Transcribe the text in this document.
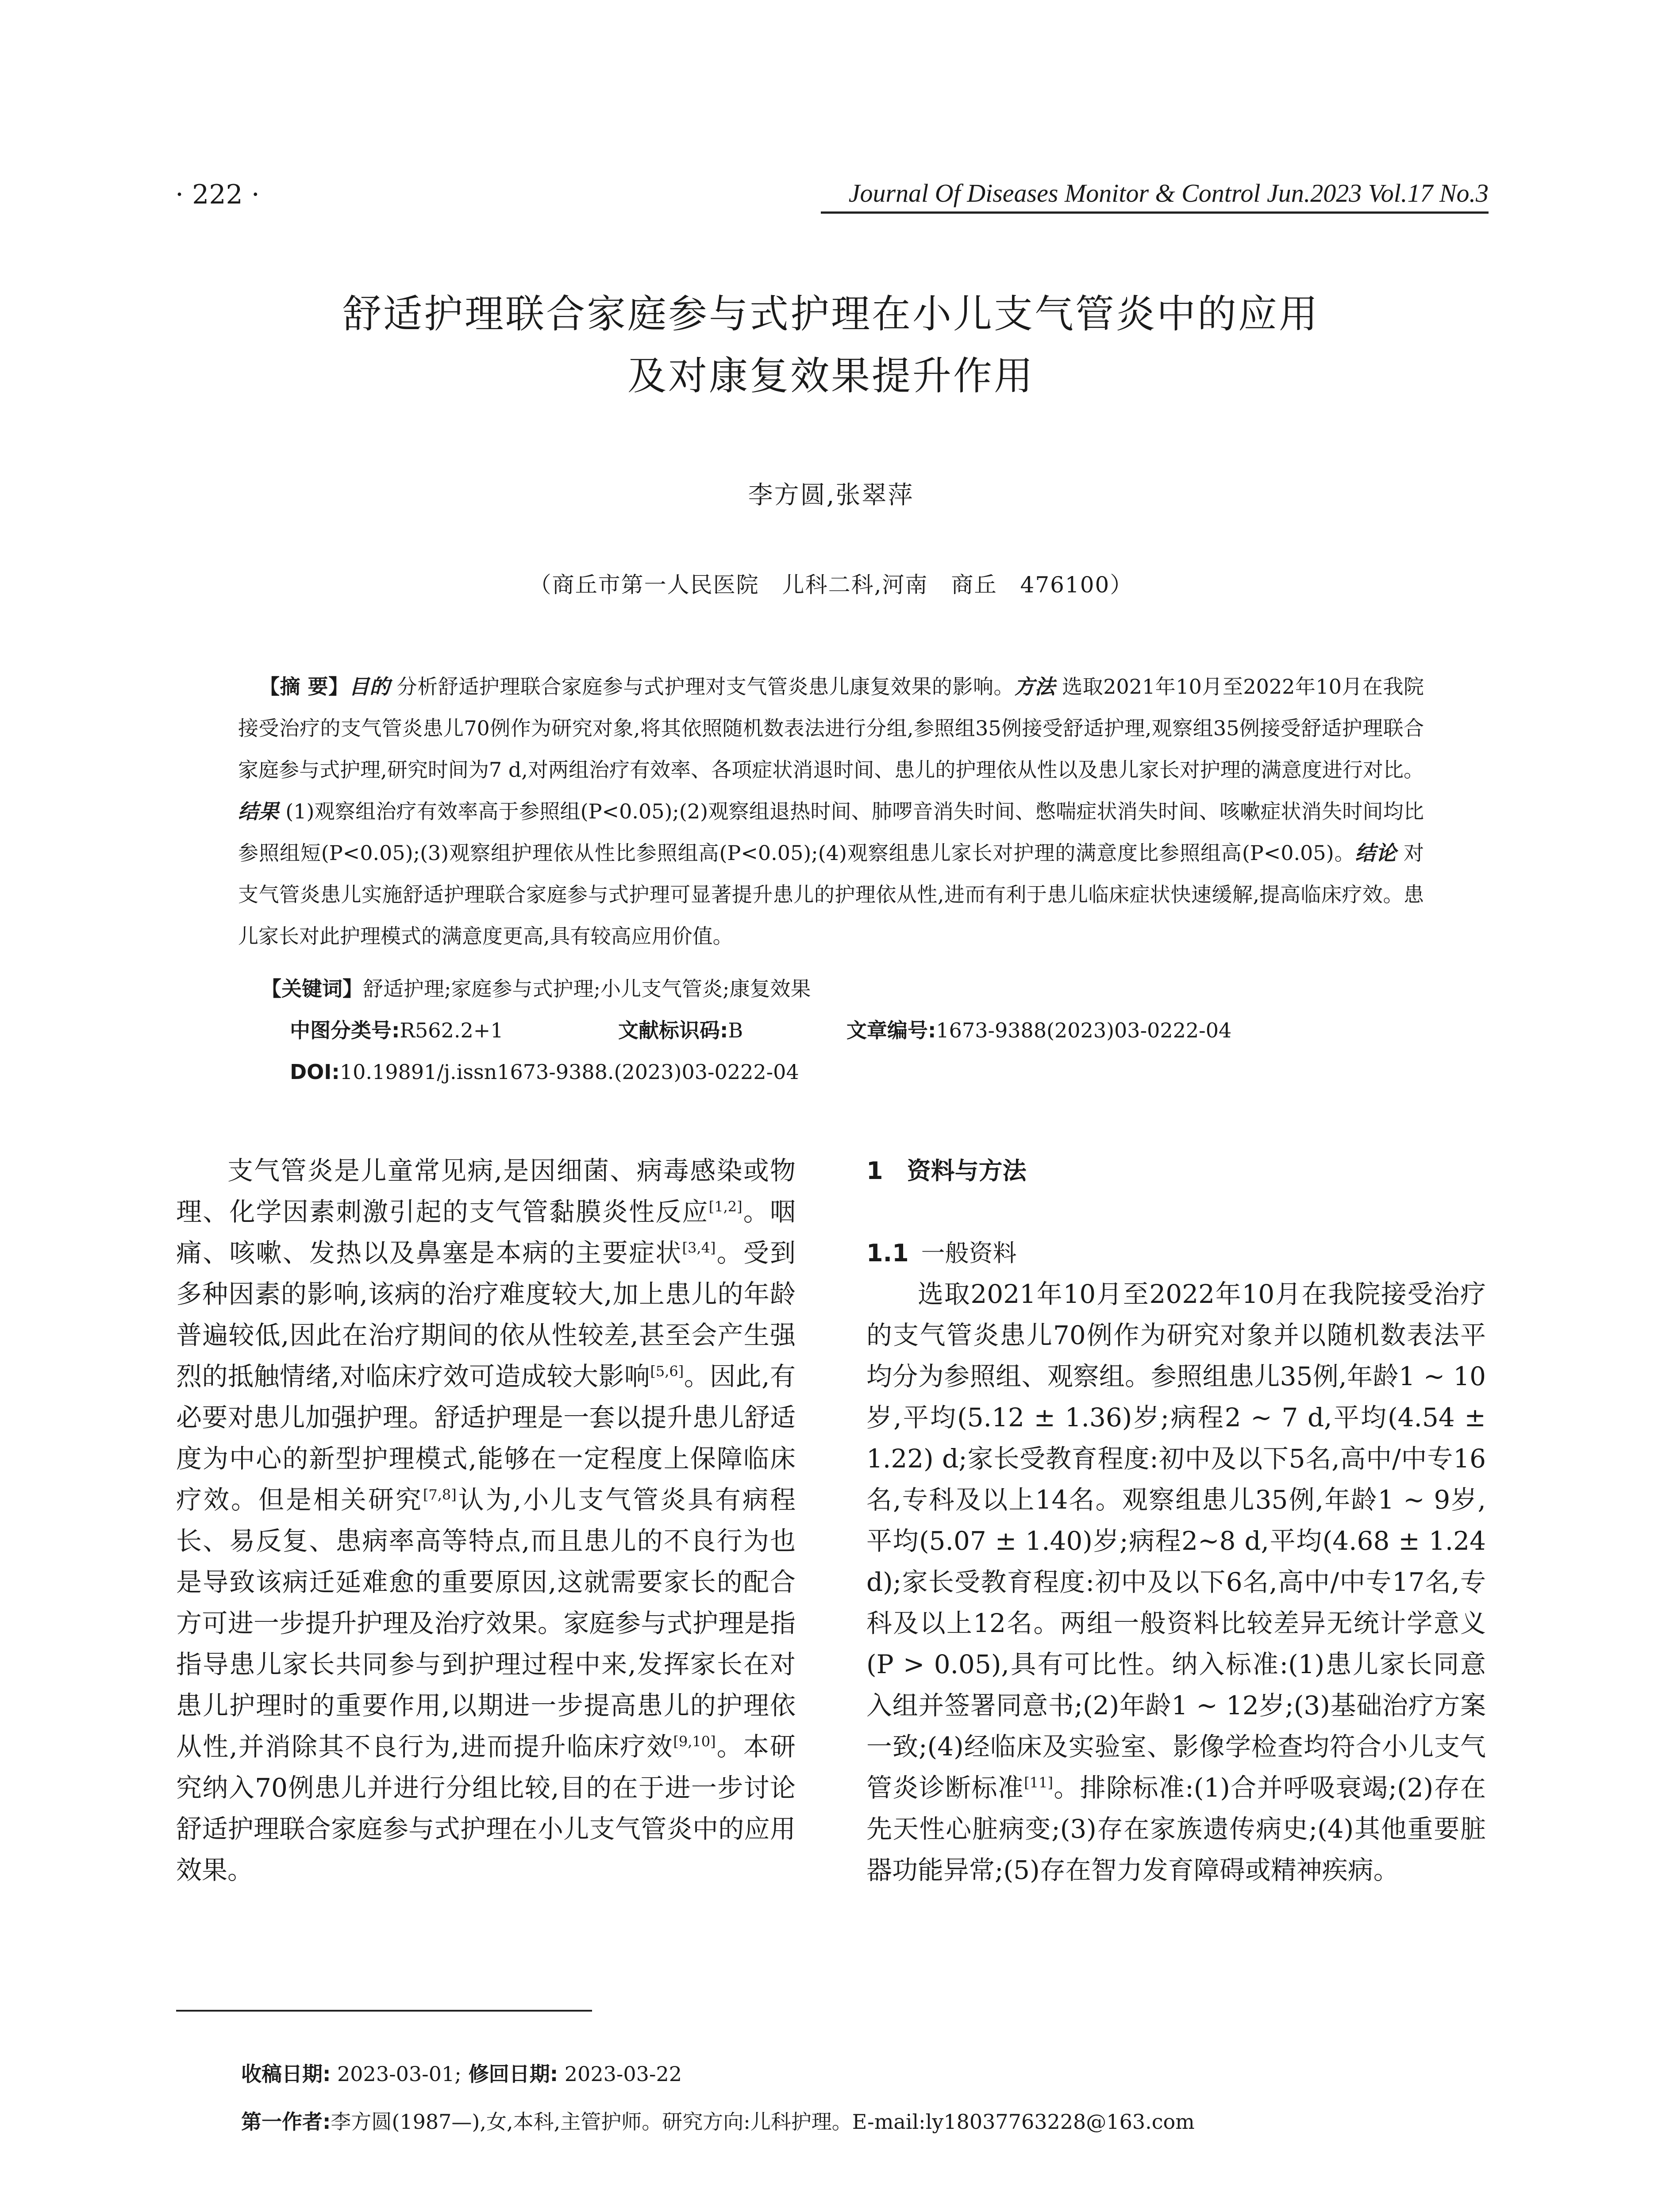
· 222 ·	Journal Of Diseases Monitor & Control Jun.2023 Vol.17 No.3
舒适护理联合家庭参与式护理在小儿支气管炎中的应用
及对康复效果提升作用
李方圆,张翠萍
（商丘市第一人民医院　儿科二科,河南　商丘　476100）
【摘 要】目的 分析舒适护理联合家庭参与式护理对支气管炎患儿康复效果的影响。方法 选取2021年10月至2022年10月在我院接受治疗的支气管炎患儿70例作为研究对象,将其依照随机数表法进行分组,参照组35例接受舒适护理,观察组35例接受舒适护理联合家庭参与式护理,研究时间为7 d,对两组治疗有效率、各项症状消退时间、患儿的护理依从性以及患儿家长对护理的满意度进行对比。结果 (1)观察组治疗有效率高于参照组(P<0.05);(2)观察组退热时间、肺啰音消失时间、憋喘症状消失时间、咳嗽症状消失时间均比参照组短(P<0.05);(3)观察组护理依从性比参照组高(P<0.05);(4)观察组患儿家长对护理的满意度比参照组高(P<0.05)。结论 对支气管炎患儿实施舒适护理联合家庭参与式护理可显著提升患儿的护理依从性,进而有利于患儿临床症状快速缓解,提高临床疗效。患儿家长对此护理模式的满意度更高,具有较高应用价值。
【关键词】舒适护理;家庭参与式护理;小儿支气管炎;康复效果
中图分类号:R562.2+1	文献标识码:B	文章编号:1673-9388(2023)03-0222-04
DOI:10.19891/j.issn1673-9388.(2023)03-0222-04
支气管炎是儿童常见病,是因细菌、病毒感染或物理、化学因素刺激引起的支气管黏膜炎性反应[1,2]。咽痛、咳嗽、发热以及鼻塞是本病的主要症状[3,4]。受到多种因素的影响,该病的治疗难度较大,加上患儿的年龄普遍较低,因此在治疗期间的依从性较差,甚至会产生强烈的抵触情绪,对临床疗效可造成较大影响[5,6]。因此,有必要对患儿加强护理。舒适护理是一套以提升患儿舒适度为中心的新型护理模式,能够在一定程度上保障临床疗效。但是相关研究[7,8]认为,小儿支气管炎具有病程长、易反复、患病率高等特点,而且患儿的不良行为也是导致该病迁延难愈的重要原因,这就需要家长的配合方可进一步提升护理及治疗效果。家庭参与式护理是指指导患儿家长共同参与到护理过程中来,发挥家长在对患儿护理时的重要作用,以期进一步提高患儿的护理依从性,并消除其不良行为,进而提升临床疗效[9,10]。本研究纳入70例患儿并进行分组比较,目的在于进一步讨论舒适护理联合家庭参与式护理在小儿支气管炎中的应用效果。
1　资料与方法
1.1 一般资料
选取2021年10月至2022年10月在我院接受治疗的支气管炎患儿70例作为研究对象并以随机数表法平均分为参照组、观察组。参照组患儿35例,年龄1 ~ 10岁,平均(5.12 ± 1.36)岁;病程2 ~ 7 d,平均(4.54 ± 1.22) d;家长受教育程度:初中及以下5名,高中/中专16名,专科及以上14名。观察组患儿35例,年龄1 ~ 9岁,平均(5.07 ± 1.40)岁;病程2~8 d,平均(4.68 ± 1.24 d);家长受教育程度:初中及以下6名,高中/中专17名,专科及以上12名。两组一般资料比较差异无统计学意义(P > 0.05),具有可比性。纳入标准:(1)患儿家长同意入组并签署同意书;(2)年龄1 ~ 12岁;(3)基础治疗方案一致;(4)经临床及实验室、影像学检查均符合小儿支气管炎诊断标准[11]。排除标准:(1)合并呼吸衰竭;(2)存在先天性心脏病变;(3)存在家族遗传病史;(4)其他重要脏器功能异常;(5)存在智力发育障碍或精神疾病。
收稿日期: 2023-03-01; 修回日期: 2023-03-22
第一作者:李方圆(1987—),女,本科,主管护师。研究方向:儿科护理。E-mail:ly18037763228@163.com
